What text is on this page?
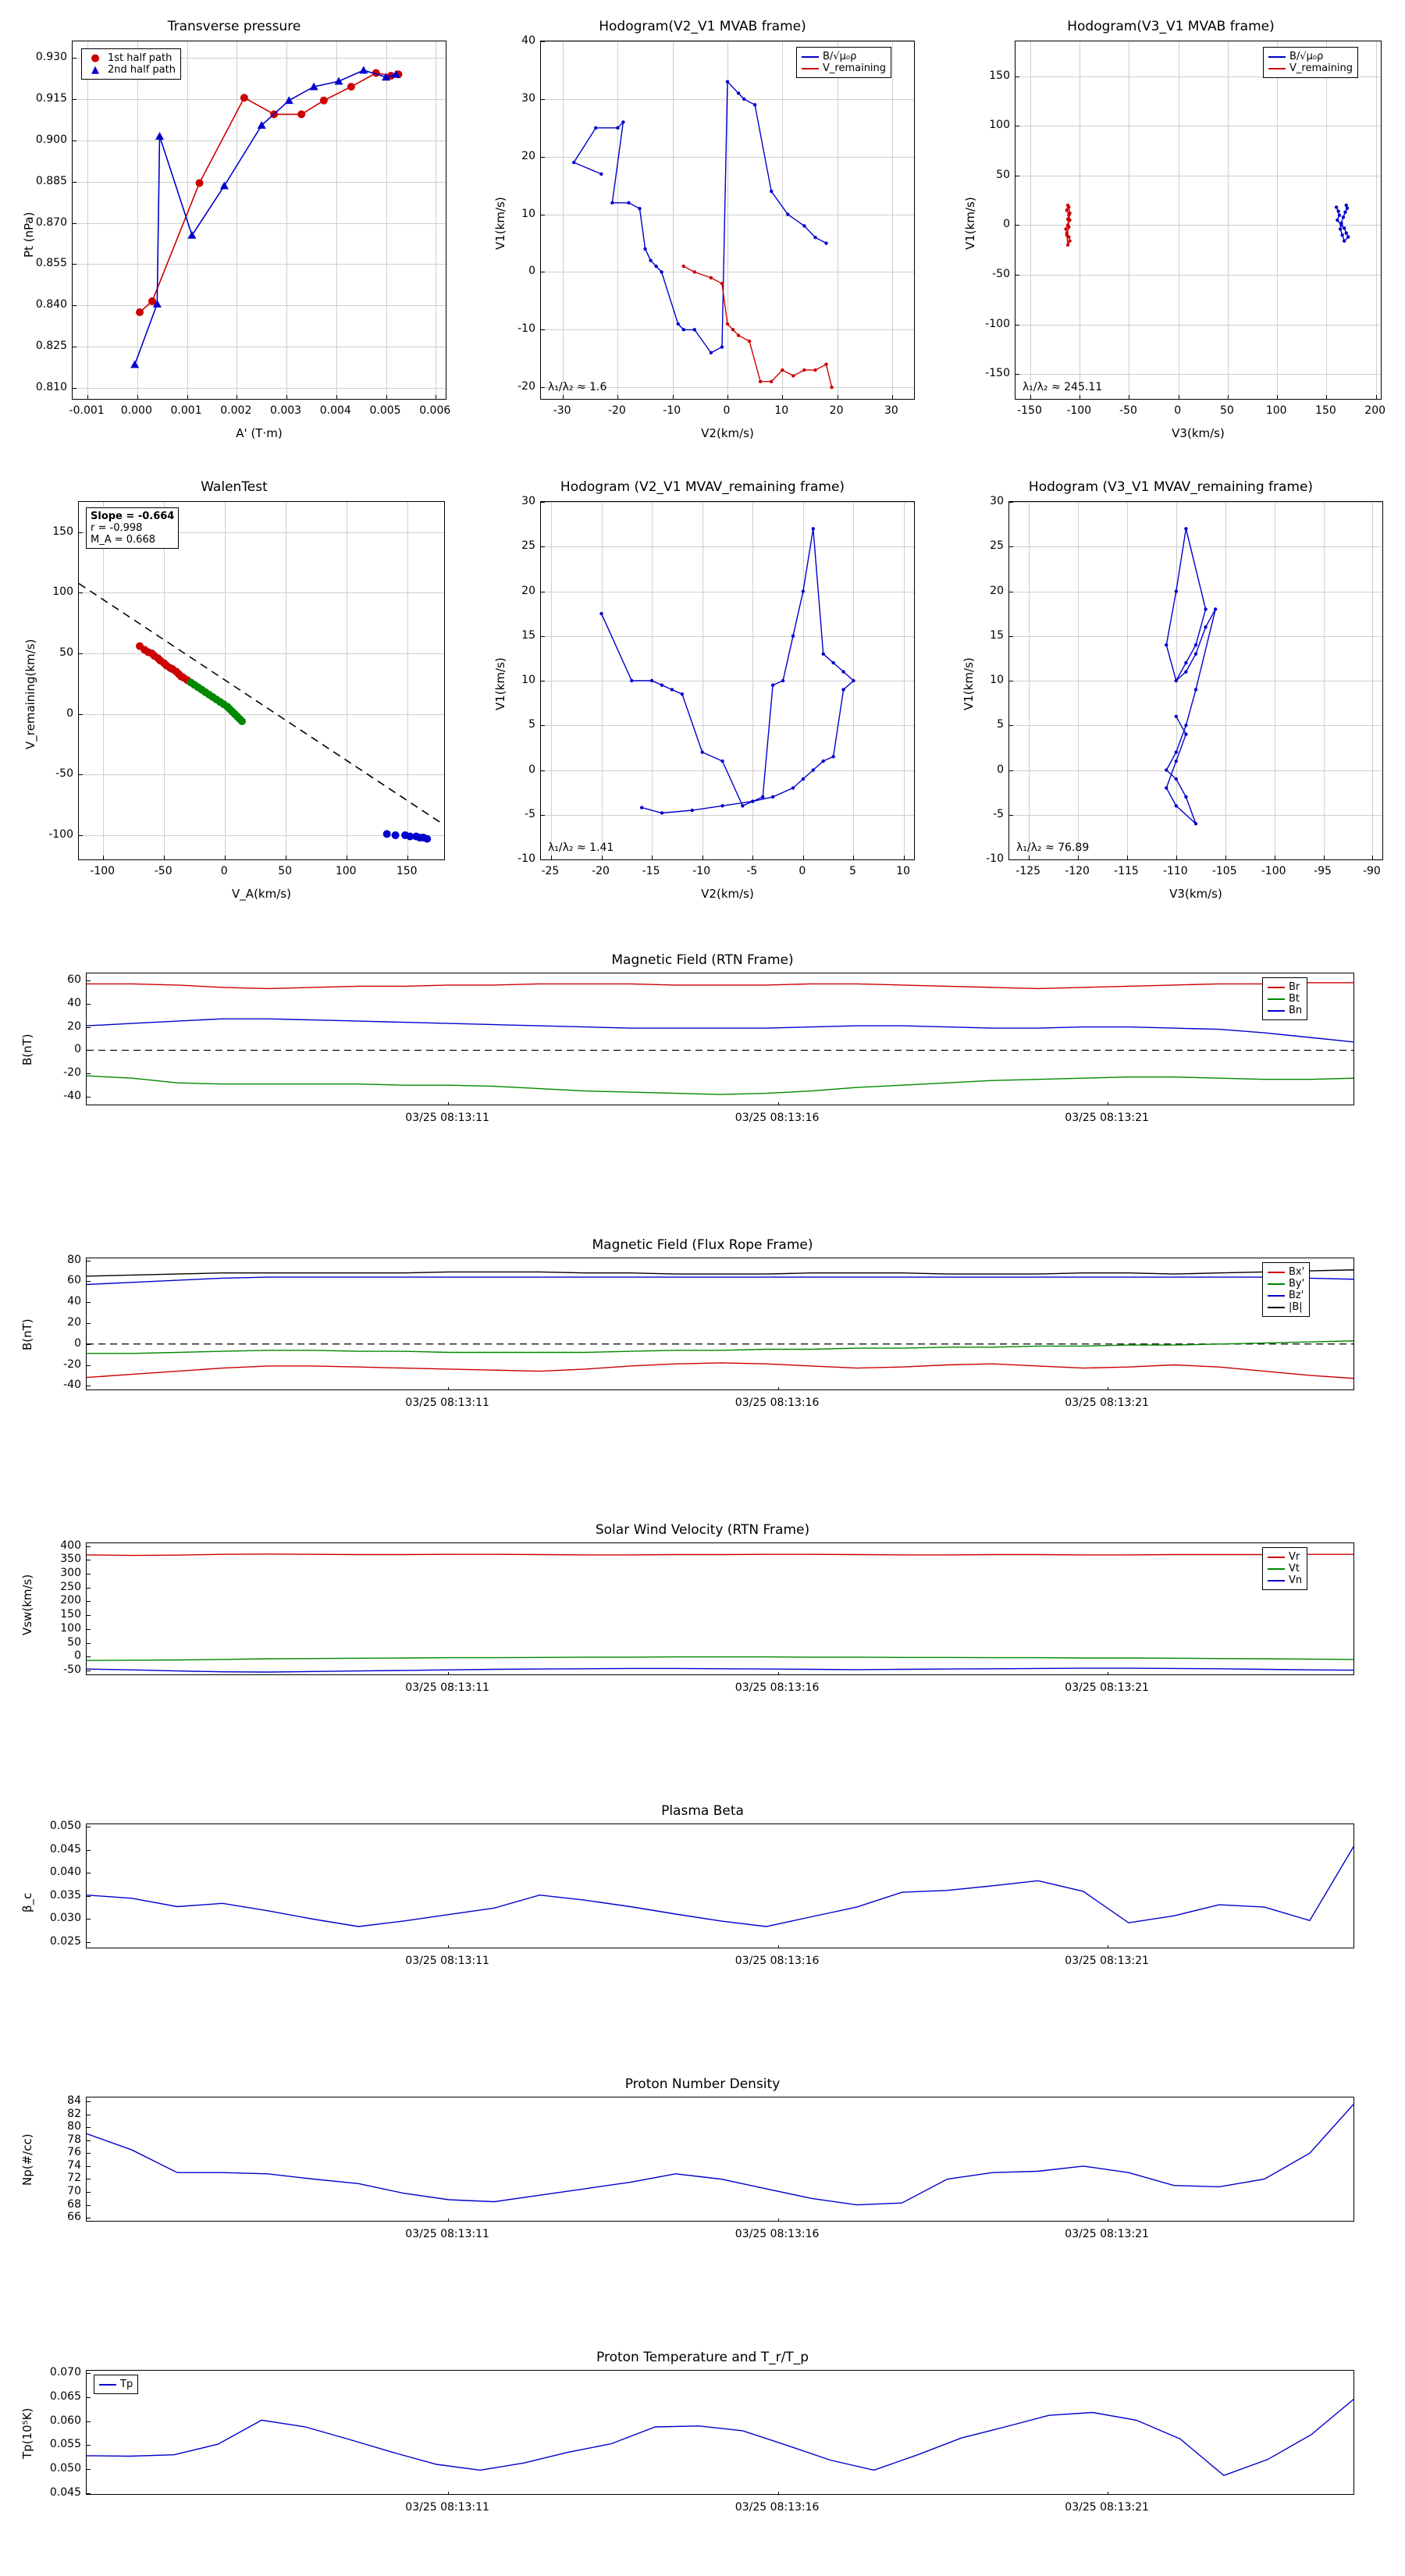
Transverse pressure
Pt (nPa)
A' (T·m)
● 1st half path
▲ 2nd half path
-0.001 0.000 0.001 0.002 0.003 0.004 0.005 0.006
0.810
0.825
0.840
0.855
0.870
0.885
0.900
0.915
0.930
Hodogram(V2_V1 MVAB frame)
V1(km/s)
V2(km/s)
B/√μ₀ρ
V_remaining
λ₁/λ₂ ≈ 1.6
-30	-20	-10	0	10	20	30
-20
-10
0
10
20
30
40
Hodogram(V3_V1 MVAB frame)
V1(km/s)
V3(km/s)
B/√μ₀ρ
V_remaining
λ₁/λ₂ ≈ 245.11
-150 -100	-50	0	50	100	150	200
-150
-100
-50
0
50
100
150
WalenTest
V_remaining(km/s)
V_A(km/s)
Slope = -0.664
r = -0.998
M_A = 0.668
-100	-50	0	50	100	150
-100
-50
0
50
100
150
Hodogram (V2_V1 MVAV_remaining frame)
V1(km/s)
V2(km/s)
λ₁/λ₂ ≈ 1.41
-25	-20	-15	-10	-5	0	5	10
-10
-5
0
5
10
15
20
25
30
Hodogram (V3_V1 MVAV_remaining frame)
V1(km/s)
V3(km/s)
λ₁/λ₂ ≈ 76.89
-125 -120 -115 -110 -105 -100	-95	-90
-10
-5
0
5
10
15
20
25
30
Magnetic Field (RTN Frame)
B(nT)
-40
-20
0
20
40
60
03/25 08:13:11	03/25 08:13:16	03/25 08:13:21
Br
Bt
Bn
Magnetic Field (Flux Rope Frame)
B(nT)
-40
-20
0
20
40
60
80
03/25 08:13:11	03/25 08:13:16	03/25 08:13:21
Bx'
By'
Bz'
|B|
Solar Wind Velocity (RTN Frame)
Vsw(km/s)
-50
0
50
100
150
200
250
300
350
400
03/25 08:13:11	03/25 08:13:16	03/25 08:13:21
Vr
Vt
Vn
Plasma Beta
β_c
0.025
0.030
0.035
0.040
0.045
0.050
03/25 08:13:11	03/25 08:13:16	03/25 08:13:21
Proton Number Density
Np(#/cc)
66
68
70
72
74
76
78
80
82
84
03/25 08:13:11	03/25 08:13:16	03/25 08:13:21
Proton Temperature and T_r/T_p
Tp(10⁵K)
0.045
0.050
0.055
0.060
0.065
0.070
03/25 08:13:11	03/25 08:13:16	03/25 08:13:21
Tp
